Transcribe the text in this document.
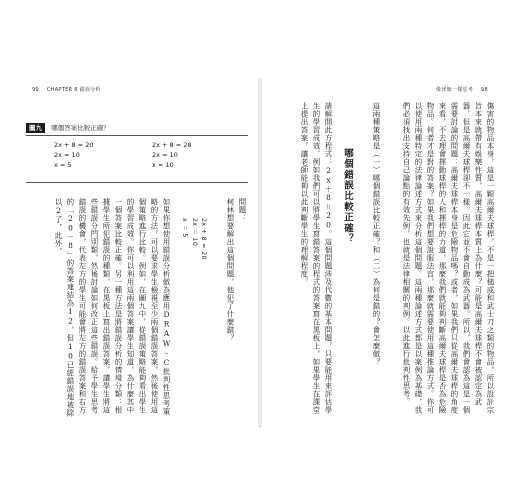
99 CHAPTER 8 錯誤分析
圖九 哪個答案比較正確？
2x + 8 = 20
2x = 10
x = 5
2x + 8 = 28
2x = 10
x = 10
問題：
柯林想要解出這個問題，他犯了什麼錯？
2x + 8 = 20
2x ＝ 10
x ＝ 5
如果你想使用錯誤分析做為應用DRAW-C批判性思考策略的方法，可以要求學生檢視至少兩個錯誤答案，然後使用這個策略進行比較。例如，在圖九中，從錯誤策略能夠看出學生的學習成效。你可以利用這兩個答案讓學生知道，為什麼其中一個答案比較正確。另一種方法是將錯誤分析的情境分類：根據學生所犯錯誤的種類，在黑板上寫出錯誤答案，讓學生將這些錯誤分門別類，然後討論如何改正這些錯誤。給予學生思考錯誤的機會，代表左方的學生可能會將左方的錯誤答案和右方的「20－8」的答案連結為12，但10已經錯誤地被除以2了，此外，
像律師一樣思考 98
傷害的物品本身，這是一顆高爾夫球桿，不是一把槌或和武士刀之類的物品，所以設計宗旨本來就帶有娛樂性質，高爾夫球桿本質上為什麼？可能是高爾夫球桿不會被認定為武器，但是高爾夫球桿卻不一樣。因此它並不會自動成為武器。所以，我們會認為這是一個需要討論的問題：高爾夫球桿本身是危險物品嗎？或者，如果我們只從高爾夫球桿的角度來看，不去理會揮動球桿的人和揮桿的力道，那麼我們就能夠判斷高爾夫球桿是否為危險物品。何者才是對的答案？如果我們想要說服法官，那麼就需要使用這種推論方式。你可以使用兩種特定的法律論述方式來分析這個問題。這兩種論述方式都是以案例為基礎，我們必須找出支持自己論點的有效先例，也就是法律相關的判例。以此進行批判性思考。
這兩種策略是（一）哪個錯誤比較正確？和（二）為何是錯的？會怎麼做？
哪個錯誤比較正確？
請解開此方程式：2x＋8＝20。這個問題涉及代數的基本問題，只要能用來評估學生的學習成效，例如我們可以將學生寫錯答案的程式的答案寫在黑板上，如果學生在課堂上提出答案，讓老師能夠以此判斷學生的理解程度。
